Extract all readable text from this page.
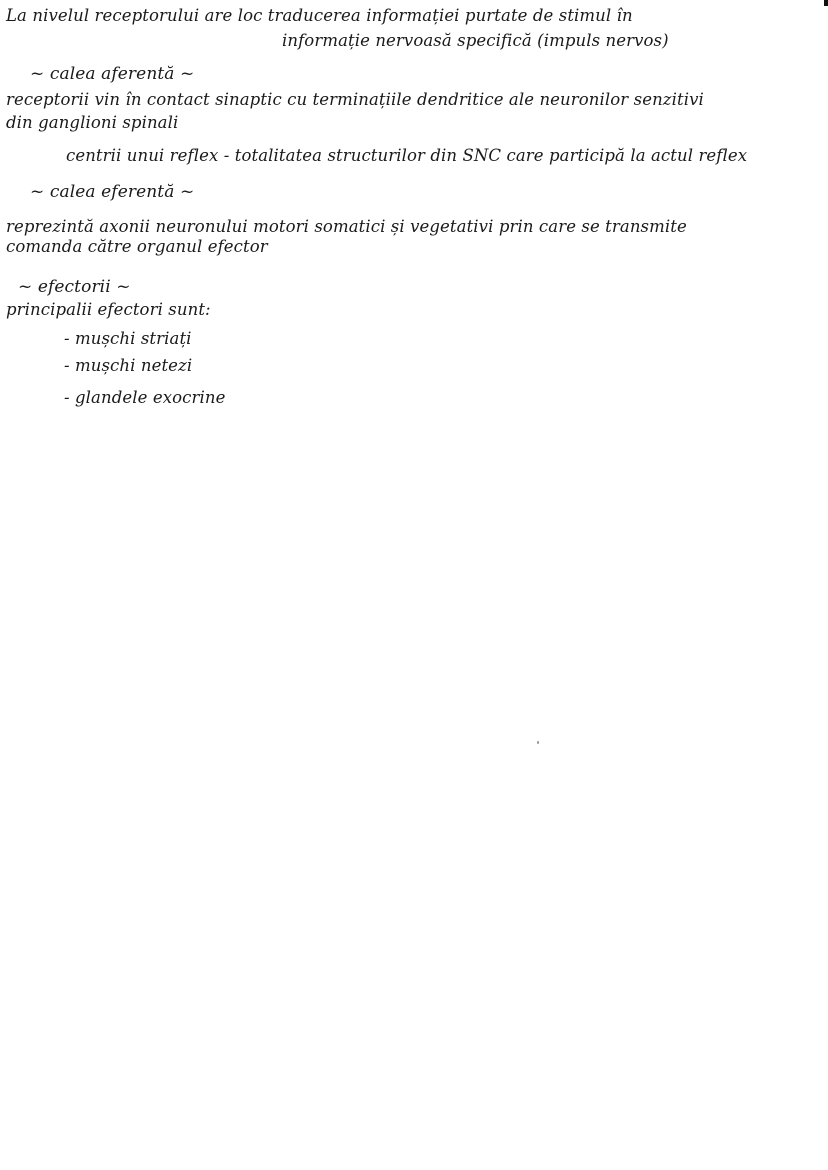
La nivelul receptorului are loc traducerea informației purtate de stimul în
informație nervoasă specifică (impuls nervos)
~ calea aferentă ~
receptorii vin în contact sinaptic cu terminațiile dendritice ale neuronilor senzitivi
din ganglioni spinali
centrii unui reflex - totalitatea structurilor din SNC care participă la actul reflex
~ calea eferentă ~
reprezintă axonii neuronului motori somatici și vegetativi prin care se transmite
comanda către organul efector
~ efectorii ~
principalii efectori sunt:
- mușchi striați
- mușchi netezi
- glandele exocrine
